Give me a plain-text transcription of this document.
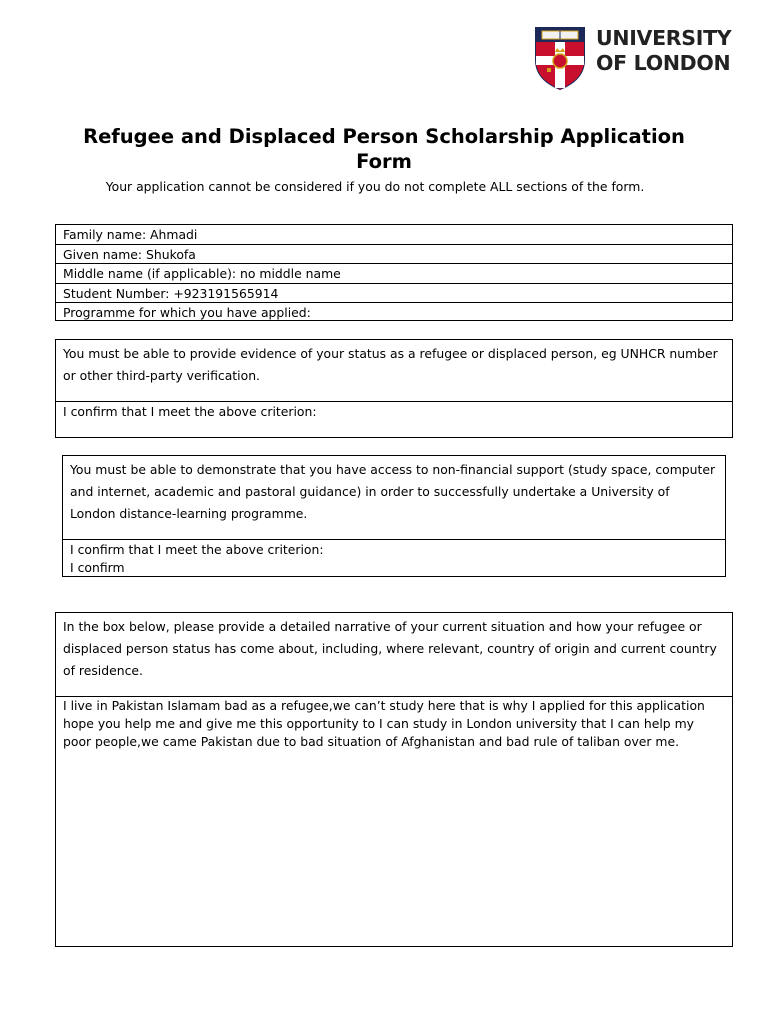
UNIVERSITY
OF LONDON
Refugee and Displaced Person Scholarship Application
Form
Your application cannot be considered if you do not complete ALL sections of the form.
Family name: Ahmadi
Given name: Shukofa
Middle name (if applicable): no middle name
Student Number: +923191565914
Programme for which you have applied:
You must be able to provide evidence of your status as a refugee or displaced person, eg UNHCR number or other third-party verification.
I confirm that I meet the above criterion:
You must be able to demonstrate that you have access to non-financial support (study space, computer and internet, academic and pastoral guidance) in order to successfully undertake a University of London distance-learning programme.
I confirm that I meet the above criterion:
I confirm
In the box below, please provide a detailed narrative of your current situation and how your refugee or displaced person status has come about, including, where relevant, country of origin and current country of residence.
I live in Pakistan Islamam bad as a refugee,we can’t study here that is why I applied for this application hope you help me and give me this opportunity to I can study in London university that I can help my poor people,we came Pakistan due to bad situation of Afghanistan and bad rule of taliban over me.
